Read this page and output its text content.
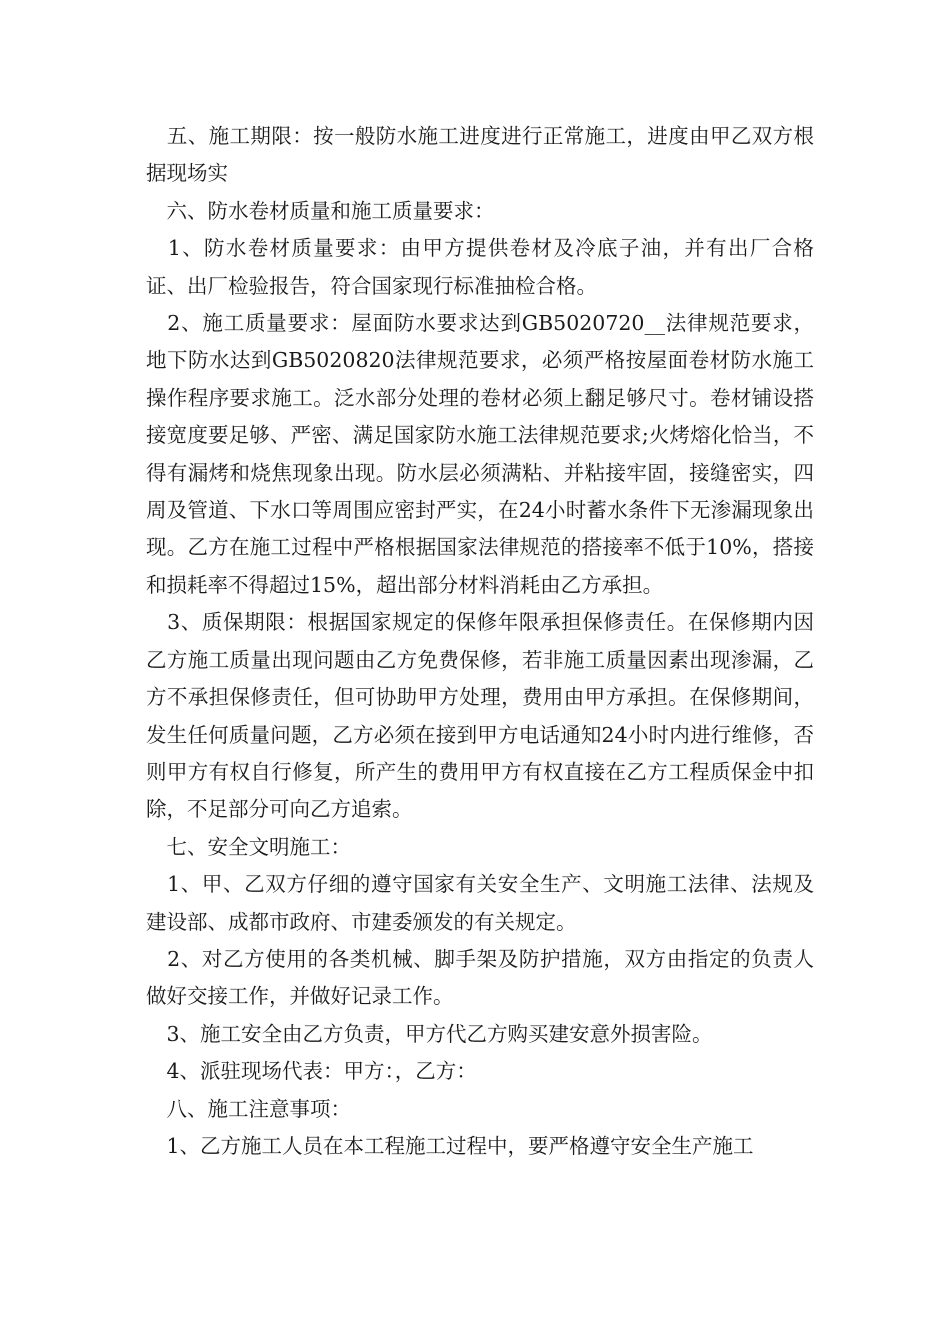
　五、施工期限：按一般防水施工进度进行正常施工，进度由甲乙双方根据现场实

　六、防水卷材质量和施工质量要求：

　1、防水卷材质量要求：由甲方提供卷材及冷底子油，并有出厂合格证、出厂检验报告，符合国家现行标准抽检合格。

　2、施工质量要求：屋面防水要求达到GB5020720__法律规范要求，地下防水达到GB5020820法律规范要求，必须严格按屋面卷材防水施工操作程序要求施工。泛水部分处理的卷材必须上翻足够尺寸。卷材铺设搭接宽度要足够、严密、满足国家防水施工法律规范要求;火烤熔化恰当，不得有漏烤和烧焦现象出现。防水层必须满粘、并粘接牢固，接缝密实，四周及管道、下水口等周围应密封严实，在24小时蓄水条件下无渗漏现象出现。乙方在施工过程中严格根据国家法律规范的搭接率不低于10%，搭接和损耗率不得超过15%，超出部分材料消耗由乙方承担。

　3、质保期限：根据国家规定的保修年限承担保修责任。在保修期内因乙方施工质量出现问题由乙方免费保修，若非施工质量因素出现渗漏，乙方不承担保修责任，但可协助甲方处理，费用由甲方承担。在保修期间，发生任何质量问题，乙方必须在接到甲方电话通知24小时内进行维修，否则甲方有权自行修复，所产生的费用甲方有权直接在乙方工程质保金中扣除，不足部分可向乙方追索。

　七、安全文明施工：

　1、甲、乙双方仔细的遵守国家有关安全生产、文明施工法律、法规及建设部、成都市政府、市建委颁发的有关规定。

　2、对乙方使用的各类机械、脚手架及防护措施，双方由指定的负责人做好交接工作，并做好记录工作。

　3、施工安全由乙方负责，甲方代乙方购买建安意外损害险。

　4、派驻现场代表：甲方：，乙方：

　八、施工注意事项：

　1、乙方施工人员在本工程施工过程中，要严格遵守安全生产施工
